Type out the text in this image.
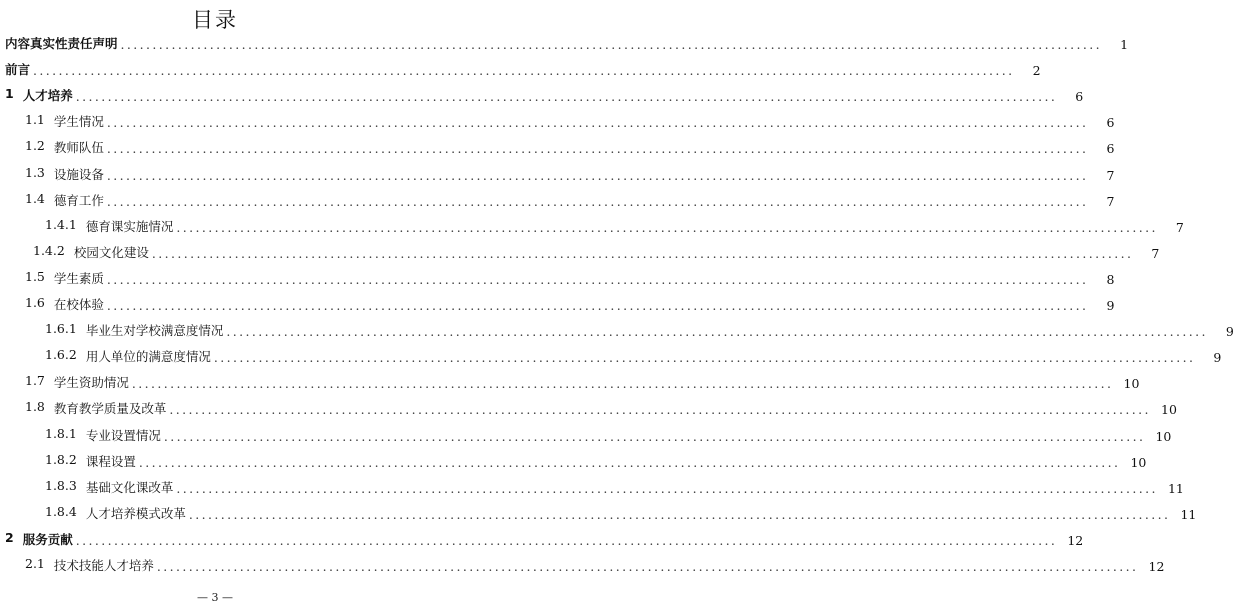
目录
内容真实性责任声明 ..........................................................................................................................................................	1
前言 ..........................................................................................................................................................	2
1 人才培养 ..........................................................................................................................................................	6
1.1 学生情况 ..........................................................................................................................................................	6
1.2 教师队伍 ..........................................................................................................................................................	6
1.3 设施设备 ..........................................................................................................................................................	7
1.4 德育工作 ..........................................................................................................................................................	7
1.4.1 德育课实施情况 ..........................................................................................................................................................	7
1.4.2 校园文化建设 ..........................................................................................................................................................	7
1.5 学生素质 ..........................................................................................................................................................	8
1.6 在校体验 ..........................................................................................................................................................	9
1.6.1 毕业生对学校满意度情况 ..........................................................................................................................................................	9
1.6.2 用人单位的满意度情况 ..........................................................................................................................................................	9
1.7 学生资助情况 .......................................................................................................................................................... 10
1.8 教育教学质量及改革 .......................................................................................................................................................... 10
1.8.1 专业设置情况 .......................................................................................................................................................... 10
1.8.2 课程设置 .......................................................................................................................................................... 10
1.8.3 基础文化课改革 .......................................................................................................................................................... 11
1.8.4 人才培养模式改革 .......................................................................................................................................................... 11
2 服务贡献 .......................................................................................................................................................... 12
2.1 技术技能人才培养 .......................................................................................................................................................... 12
— 3 —
